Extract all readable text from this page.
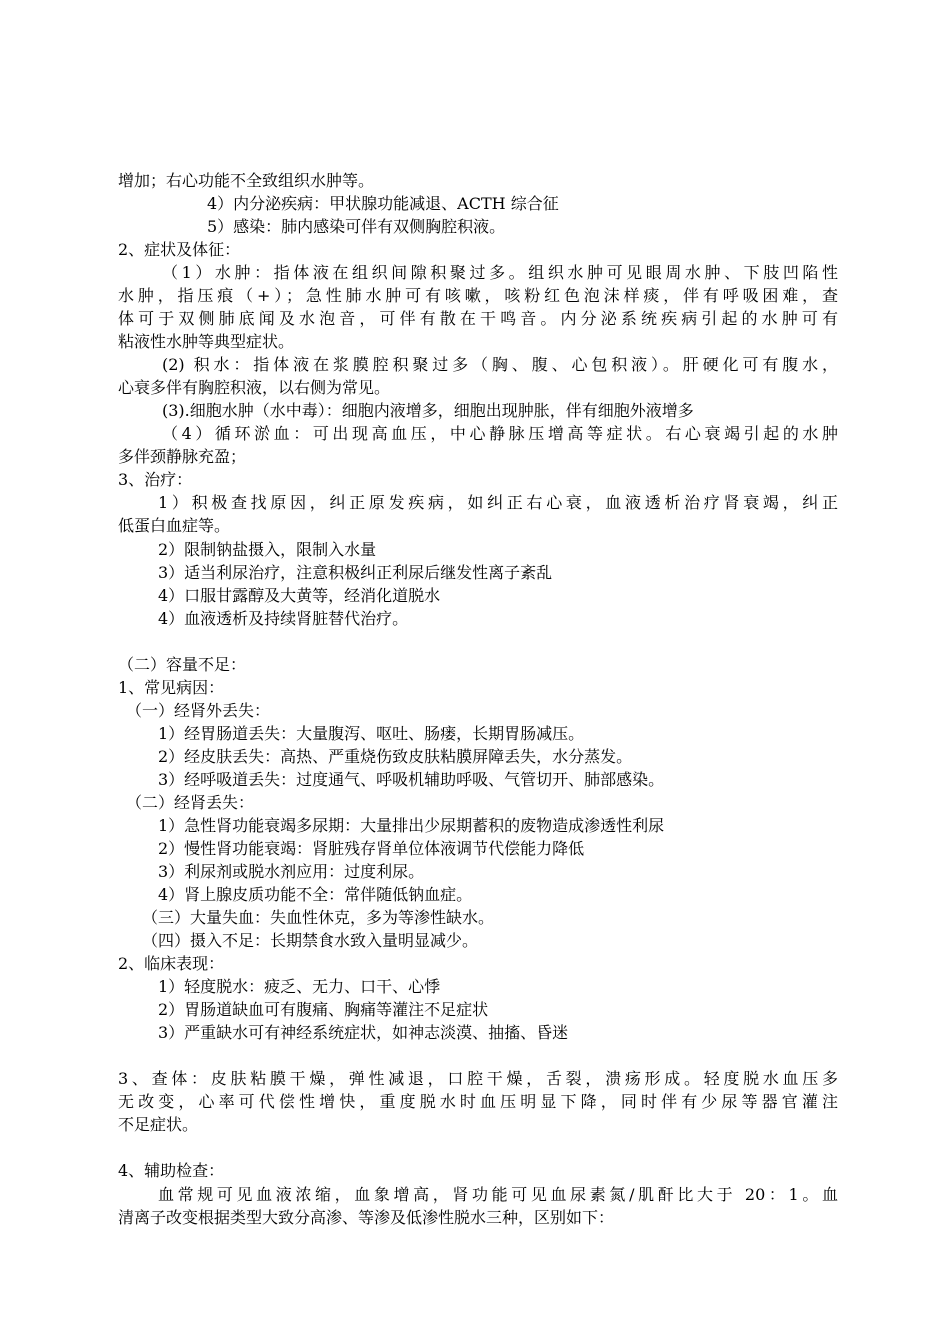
增加；右心功能不全致组织水肿等。
4）内分泌疾病：甲状腺功能减退、ACTH 综合征
5）感染：肺内感染可伴有双侧胸腔积液。
2、症状及体征：
（1）水肿：指体液在组织间隙积聚过多。组织水肿可见眼周水肿、下肢凹陷性
水肿，指压痕（+）；急性肺水肿可有咳嗽，咳粉红色泡沫样痰，伴有呼吸困难，查
体可于双侧肺底闻及水泡音，可伴有散在干鸣音。内分泌系统疾病引起的水肿可有
粘液性水肿等典型症状。
(2) 积水：指体液在浆膜腔积聚过多（胸、腹、心包积液）。肝硬化可有腹水，
心衰多伴有胸腔积液，以右侧为常见。
(3).细胞水肿（水中毒）：细胞内液增多，细胞出现肿胀，伴有细胞外液增多
（4）循环淤血：可出现高血压，中心静脉压增高等症状。右心衰竭引起的水肿
多伴颈静脉充盈；
3、治疗：
1）积极查找原因，纠正原发疾病，如纠正右心衰，血液透析治疗肾衰竭，纠正
低蛋白血症等。
2）限制钠盐摄入，限制入水量
3）适当利尿治疗，注意积极纠正利尿后继发性离子紊乱
4）口服甘露醇及大黄等，经消化道脱水
4）血液透析及持续肾脏替代治疗。
（二）容量不足：
1、常见病因：
（一）经肾外丢失：
1）经胃肠道丢失：大量腹泻、呕吐、肠瘘，长期胃肠减压。
2）经皮肤丢失：高热、严重烧伤致皮肤粘膜屏障丢失，水分蒸发。
3）经呼吸道丢失：过度通气、呼吸机辅助呼吸、气管切开、肺部感染。
（二）经肾丢失：
1）急性肾功能衰竭多尿期：大量排出少尿期蓄积的废物造成渗透性利尿
2）慢性肾功能衰竭：肾脏残存肾单位体液调节代偿能力降低
3）利尿剂或脱水剂应用：过度利尿。
4）肾上腺皮质功能不全：常伴随低钠血症。
（三）大量失血：失血性休克，多为等渗性缺水。
（四）摄入不足：长期禁食水致入量明显减少。
2、临床表现：
1）轻度脱水：疲乏、无力、口干、心悸
2）胃肠道缺血可有腹痛、胸痛等灌注不足症状
3）严重缺水可有神经系统症状，如神志淡漠、抽搐、昏迷
3、查体：皮肤粘膜干燥，弹性减退，口腔干燥，舌裂，溃疡形成。轻度脱水血压多
无改变，心率可代偿性增快，重度脱水时血压明显下降，同时伴有少尿等器官灌注
不足症状。
4、辅助检查：
血常规可见血液浓缩，血象增高，肾功能可见血尿素氮/肌酐比大于 20：1。血
清离子改变根据类型大致分高渗、等渗及低渗性脱水三种，区别如下：
